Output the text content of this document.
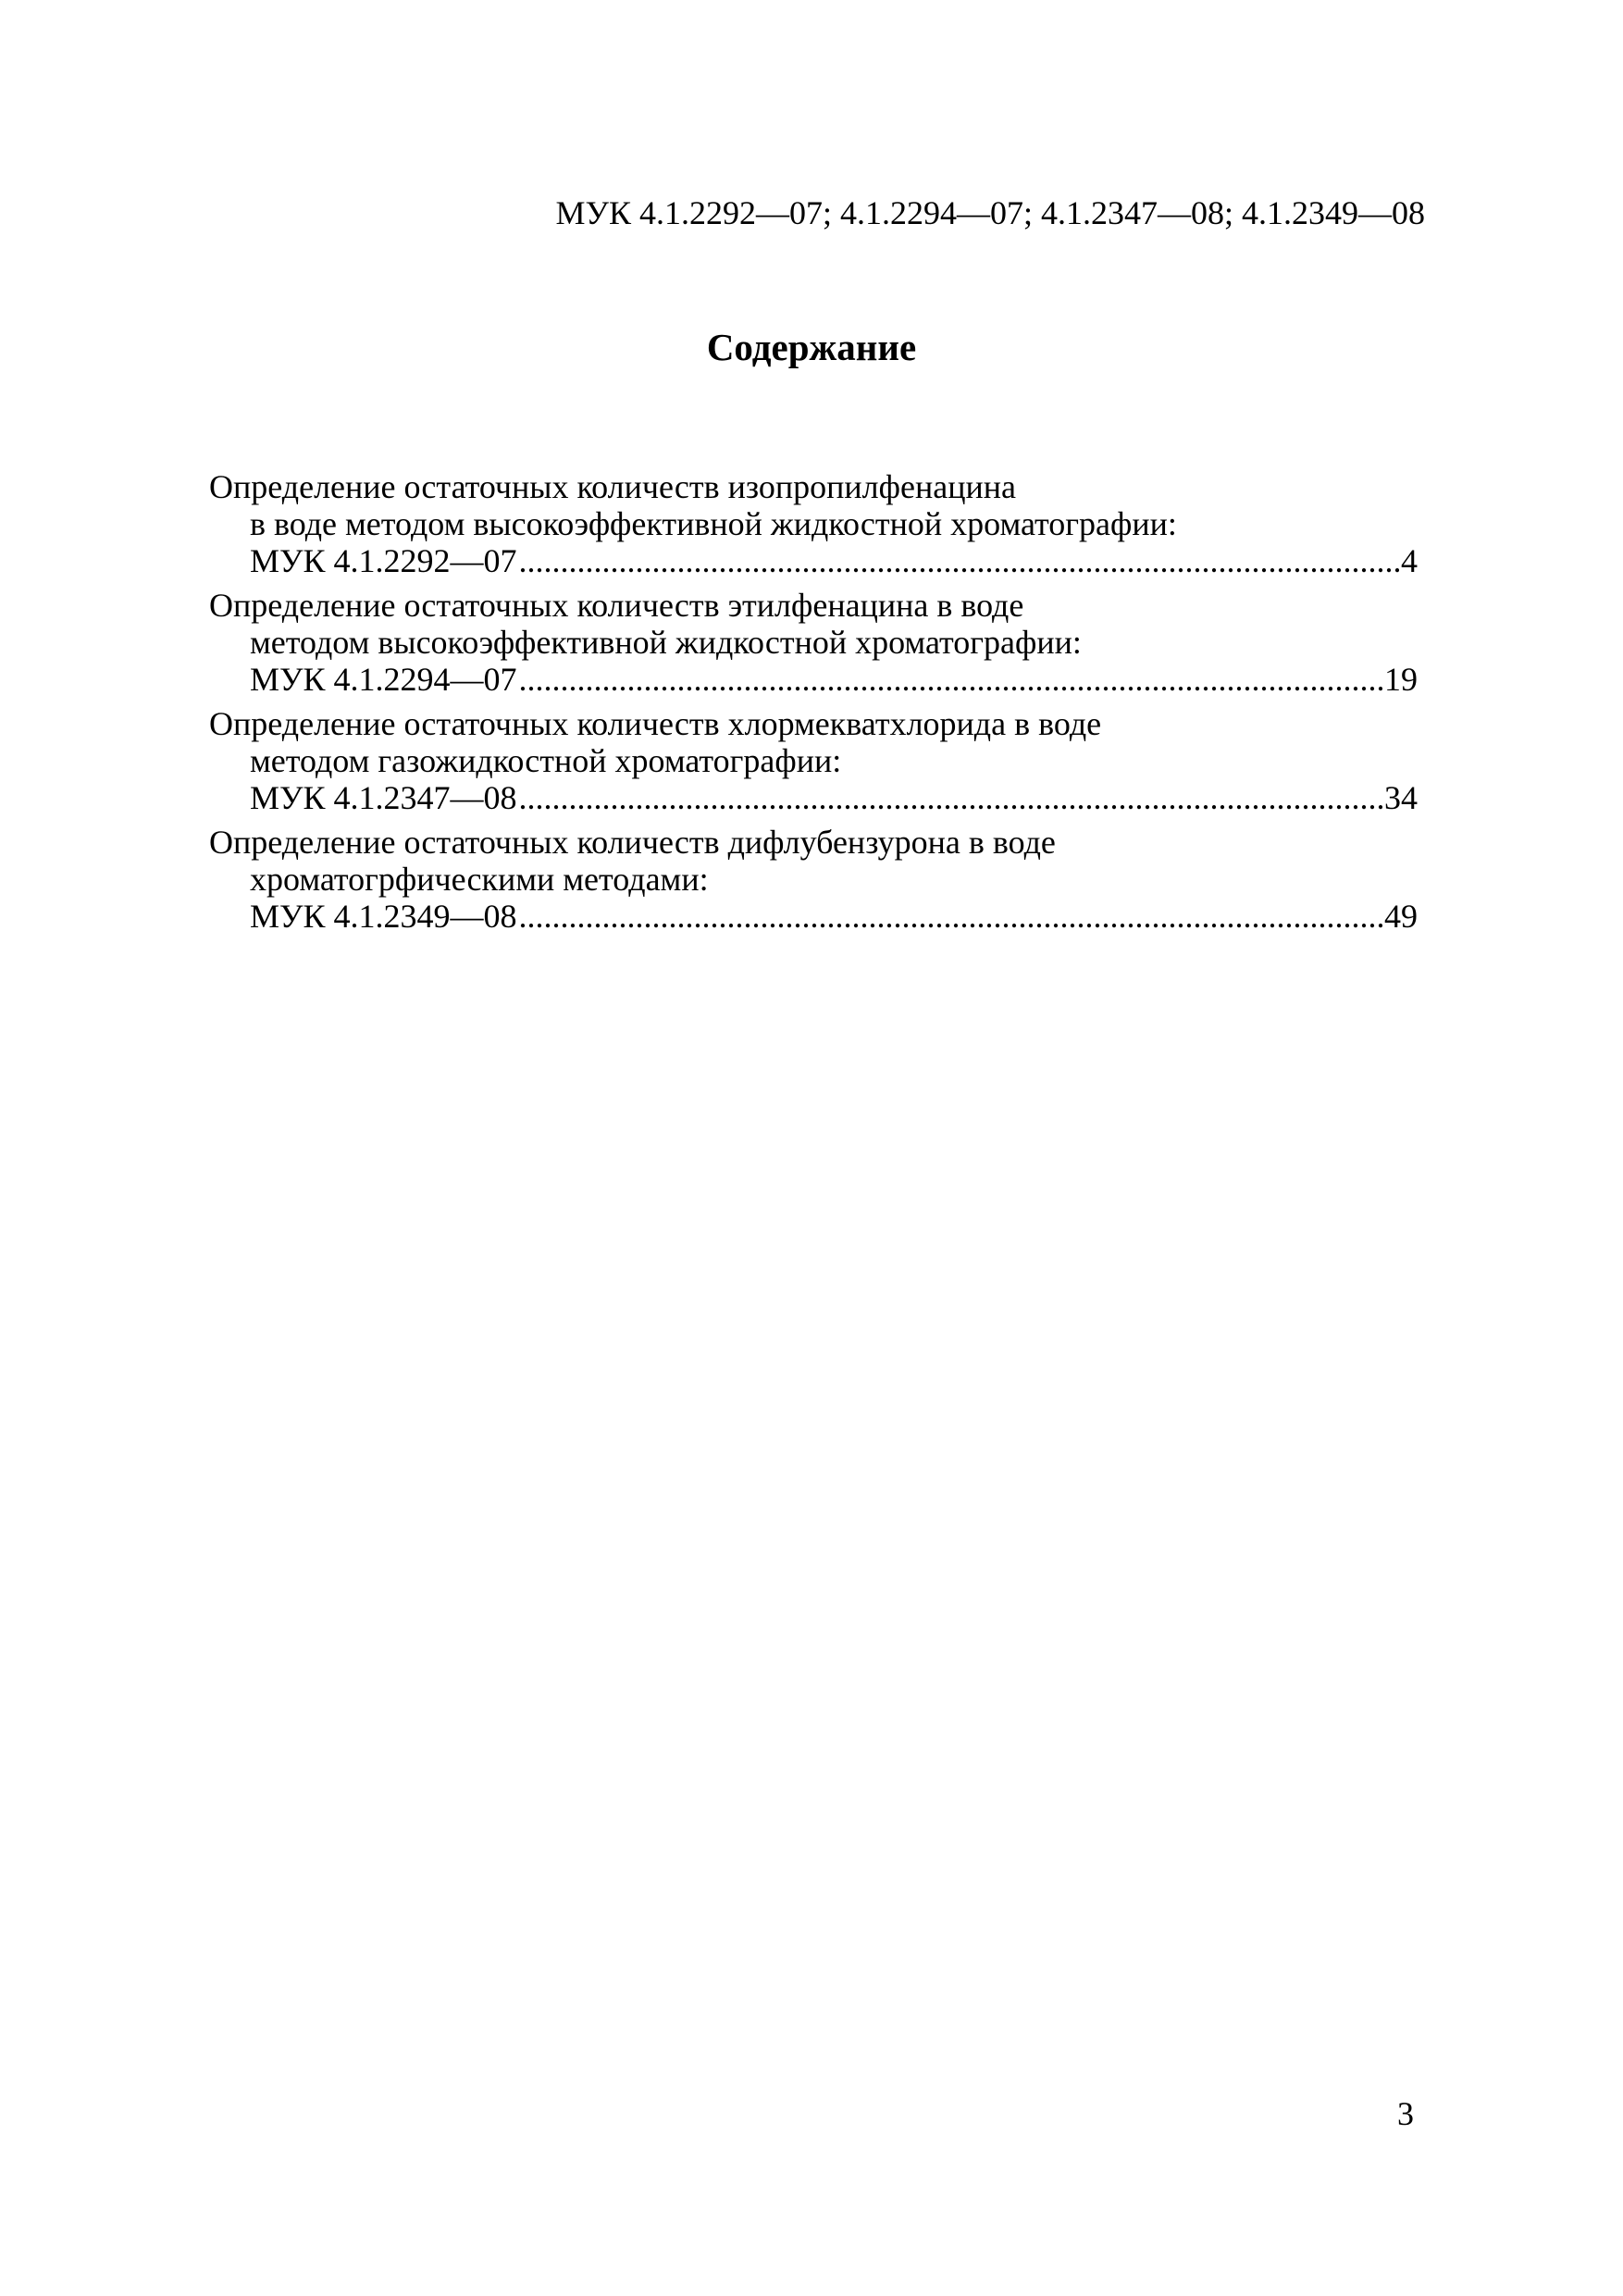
МУК 4.1.2292—07; 4.1.2294—07; 4.1.2347—08; 4.1.2349—08
Содержание
Определение остаточных количеств изопропилфенацина
в воде методом высокоэффективной жидкостной хроматографии:
МУК 4.1.2292—07 .....	4
Определение остаточных количеств этилфенацина в воде
методом высокоэффективной жидкостной хроматографии:
МУК 4.1.2294—07 .....	19
Определение остаточных количеств хлормекватхлорида в воде
методом газожидкостной хроматографии:
МУК 4.1.2347—08 .....	34
Определение остаточных количеств дифлубензурона в воде
хроматогрфическими методами:
МУК 4.1.2349—08 .....	49
3
